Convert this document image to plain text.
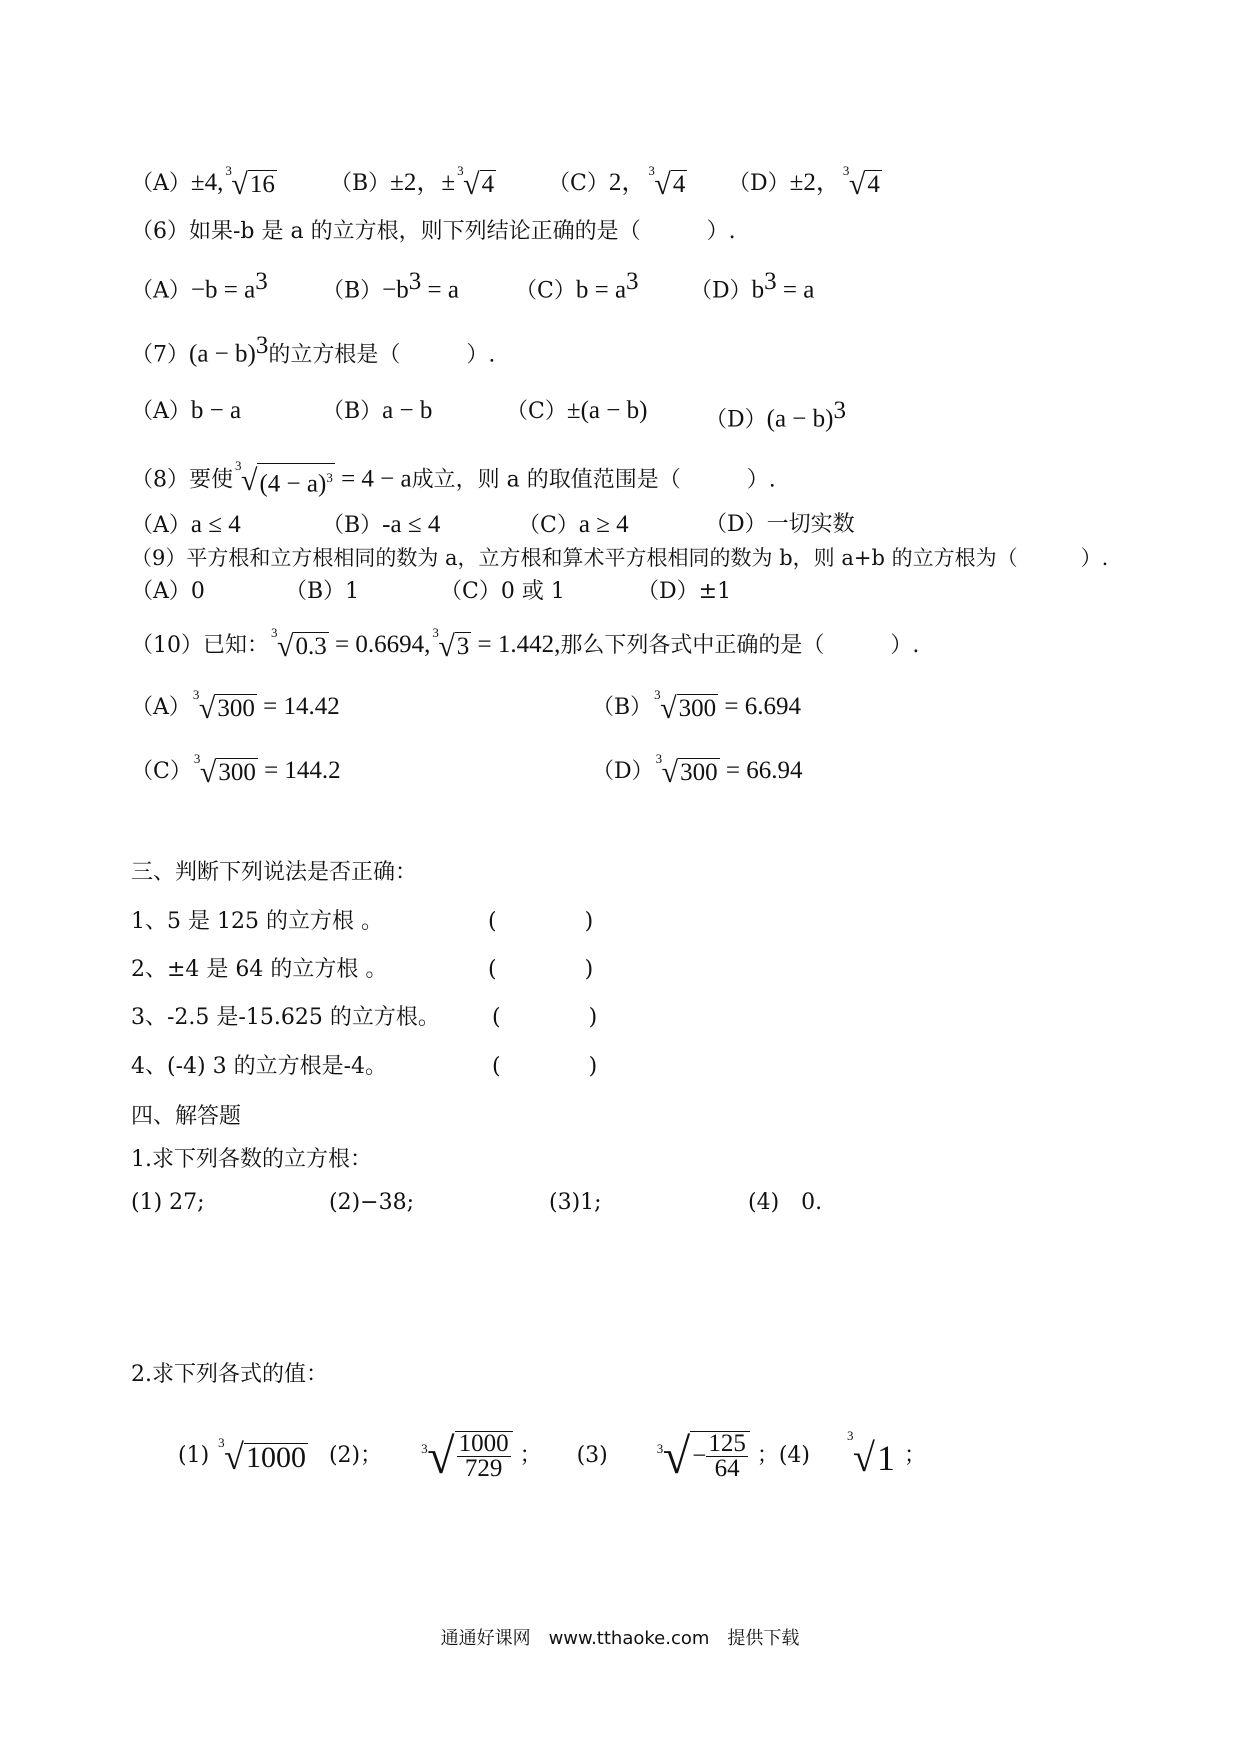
（A）±4, 3 √16	（B）±2，± 3 √4 （C）2， 3 √4 （D）±2， 3 √4
（6）如果-b 是 a 的立方根，则下列结论正确的是（　　　）.
$(A)-b = a^3$ $(B)-b^3 = a$	$(C)b = a^3$ $(D)b^3 = a$
$(7)(a - b)^3$的立方根是（　　　）.
（A）b − a	（B）a − b	（C）±(a − b)	$(D)(a - b)^3$
（8）要使
3 $√(4 - a)^3 = 4 - a$成立，则 a 的取值范围是（　　　）.
（A）a ≤ 4	（B）-a ≤ 4	（C）a ≥ 4	（D）一切实数
（9）平方根和立方根相同的数为 a，立方根和算术平方根相同的数为 b，则 a+b 的立方根为（　　　）.
（A）0	（B）1	（C）0 或 1	（D）±1
（10）已知：
3 √0.3 = 0.6694, 3 √3 = 1.442,那么下列各式中正确的是（　　　）.
（A）
3 √300 = 14.42	（B）
3 √300 = 6.694
（C）
3 √300 = 144.2	（D）
3 √300 = 66.94
三、判断下列说法是否正确：
1、5 是 125 的立方根 。	(　　　　)
2、±4 是 64 的立方根 。	(　　　　)
3、-2.5 是-15.625 的立方根。 (　　　　)
4、(-4) 3 的立方根是-4。	(　　　　)
四、解答题
1.求下列各数的立方根：
(1) 27;	(2)−38;	(3)1;	(4)　0.
2.求下列各式的值：
(1)
3 √1000 (2)；	3 √ $\frac{1000}{729}$ ； (3)	3 √− $\frac{125}{64}$ ；(4)
3 √1 ；
通通好课网　www.tthaoke.com　提供下载
